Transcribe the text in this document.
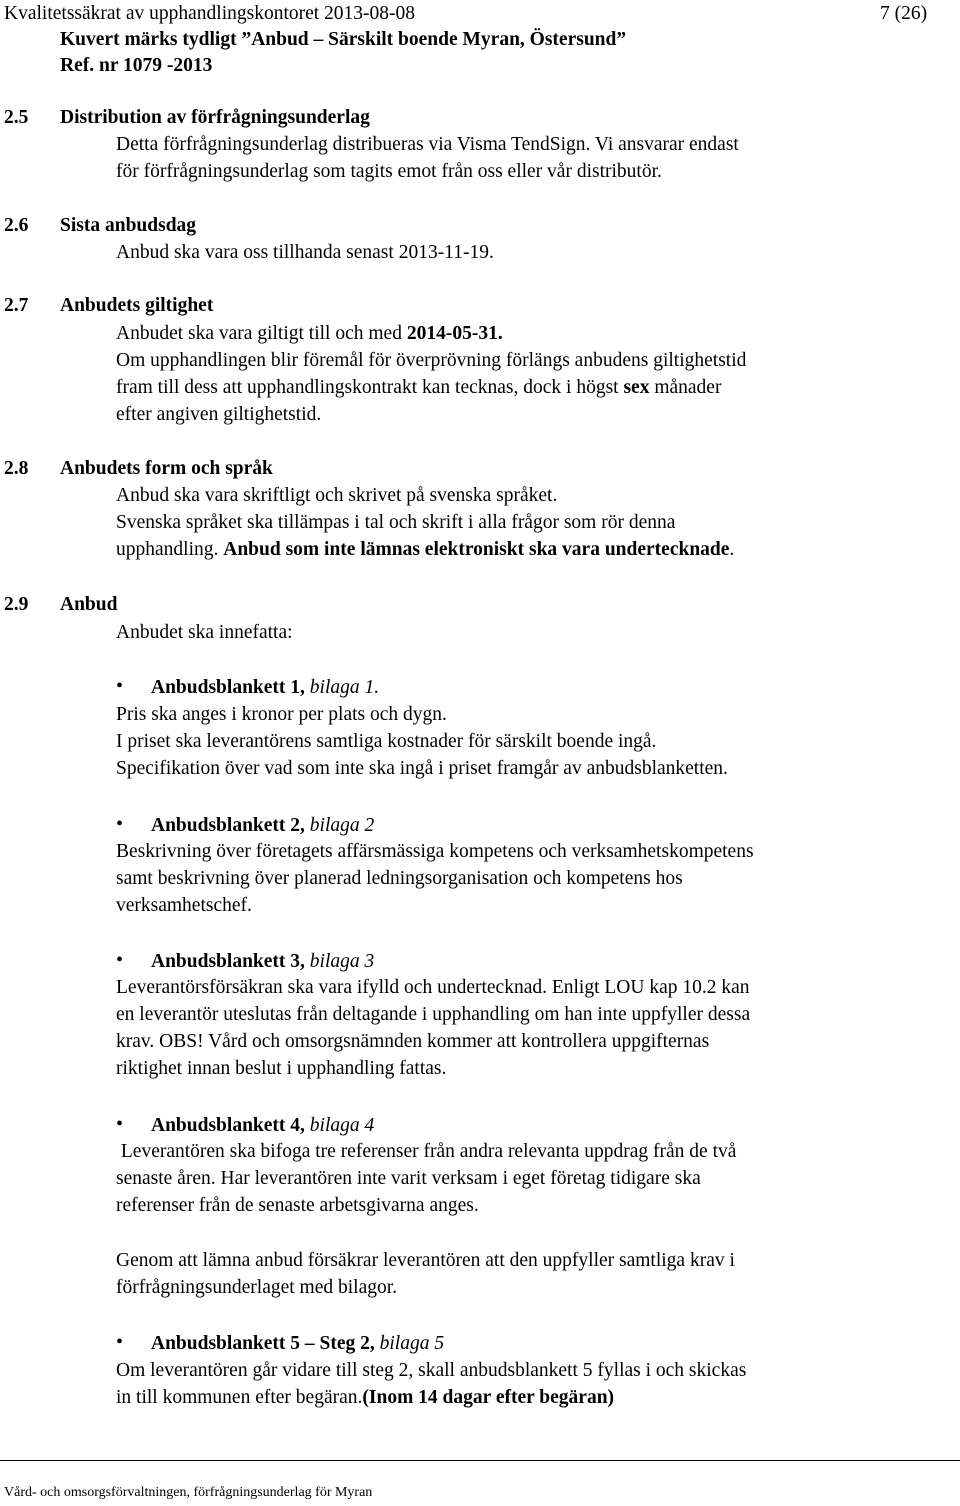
Kvalitetssäkrat av upphandlingskontoret 2013-08-08	7 (26)
Kuvert märks tydligt ”Anbud – Särskilt boende Myran, Östersund”
Ref. nr 1079 -2013
2.5 Distribution av förfrågningsunderlag
Detta förfrågningsunderlag distribueras via Visma TendSign. Vi ansvarar endast
för förfrågningsunderlag som tagits emot från oss eller vår distributör.
2.6 Sista anbudsdag
Anbud ska vara oss tillhanda senast 2013-11-19.
2.7 Anbudets giltighet
Anbudet ska vara giltigt till och med 2014-05-31.
Om upphandlingen blir föremål för överprövning förlängs anbudens giltighetstid
fram till dess att upphandlingskontrakt kan tecknas, dock i högst sex månader
efter angiven giltighetstid.
2.8 Anbudets form och språk
Anbud ska vara skriftligt och skrivet på svenska språket.
Svenska språket ska tillämpas i tal och skrift i alla frågor som rör denna
upphandling. Anbud som inte lämnas elektroniskt ska vara undertecknade.
2.9 Anbud
Anbudet ska innefatta:
• Anbudsblankett 1, bilaga 1.
Pris ska anges i kronor per plats och dygn.
I priset ska leverantörens samtliga kostnader för särskilt boende ingå.
Specifikation över vad som inte ska ingå i priset framgår av anbudsblanketten.
• Anbudsblankett 2, bilaga 2
Beskrivning över företagets affärsmässiga kompetens och verksamhetskompetens
samt beskrivning över planerad ledningsorganisation och kompetens hos
verksamhetschef.
• Anbudsblankett 3, bilaga 3
Leverantörsförsäkran ska vara ifylld och undertecknad. Enligt LOU kap 10.2 kan
en leverantör uteslutas från deltagande i upphandling om han inte uppfyller dessa
krav. OBS! Vård och omsorgsnämnden kommer att kontrollera uppgifternas
riktighet innan beslut i upphandling fattas.
• Anbudsblankett 4, bilaga 4
Leverantören ska bifoga tre referenser från andra relevanta uppdrag från de två
senaste åren. Har leverantören inte varit verksam i eget företag tidigare ska
referenser från de senaste arbetsgivarna anges.
Genom att lämna anbud försäkrar leverantören att den uppfyller samtliga krav i
förfrågningsunderlaget med bilagor.
• Anbudsblankett 5 – Steg 2, bilaga 5
Om leverantören går vidare till steg 2, skall anbudsblankett 5 fyllas i och skickas
in till kommunen efter begäran.(Inom 14 dagar efter begäran)
Vård- och omsorgsförvaltningen, förfrågningsunderlag för Myran
